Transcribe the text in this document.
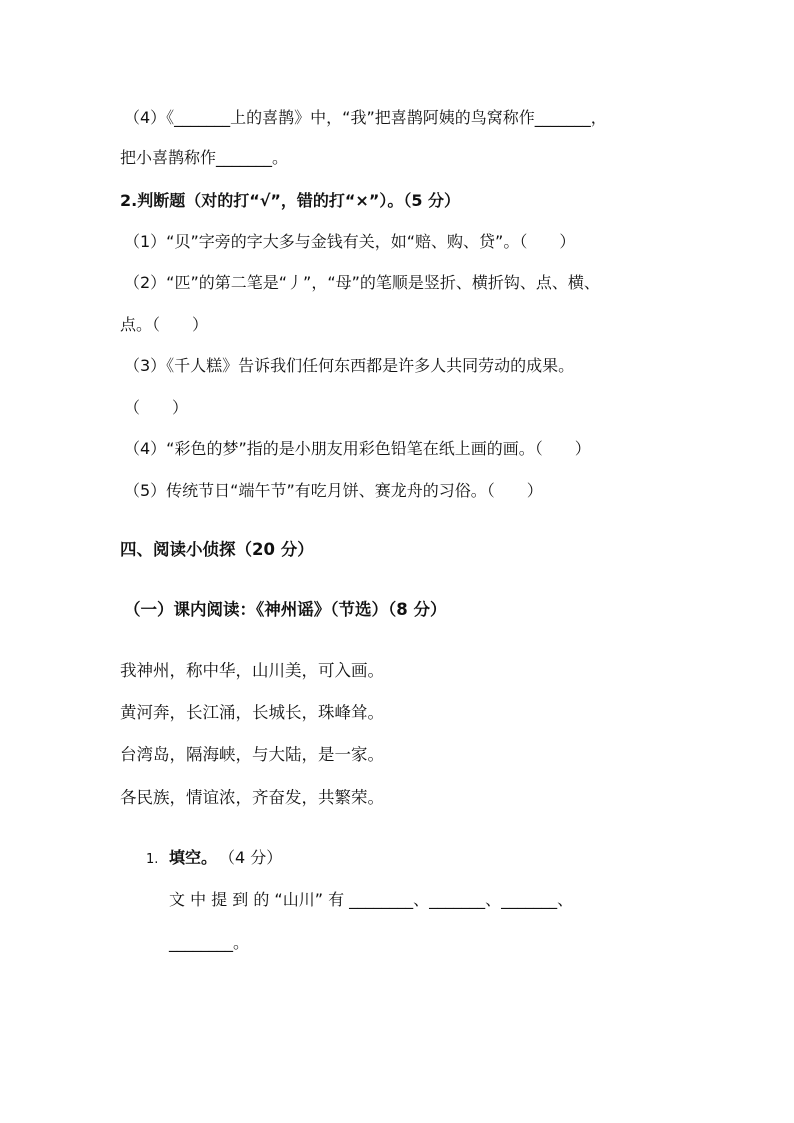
（4）《_______上的喜鹊》中，“我”把喜鹊阿姨的鸟窝称作_______，
把小喜鹊称作_______。
2.判断题（对的打“√”，错的打“×”）。（5 分）
（1）“贝”字旁的字大多与金钱有关，如“赔、购、贷”。（　　）
（2）“匹”的第二笔是“丿”，“母”的笔顺是竖折、横折钩、点、横、
点。（　　）
（3）《千人糕》告诉我们任何东西都是许多人共同劳动的成果。
（　　）
（4）“彩色的梦”指的是小朋友用彩色铅笔在纸上画的画。（　　）
（5）传统节日“端午节”有吃月饼、赛龙舟的习俗。（　　）
四、阅读小侦探（20 分）
（一）课内阅读：《神州谣》（节选）（8 分）
我神州，称中华，山川美，可入画。
黄河奔，长江涌，长城长，珠峰耸。
台湾岛，隔海峡，与大陆，是一家。
各民族，情谊浓，齐奋发，共繁荣。
1. 填空。 （4 分）
文 中 提 到 的 “山川” 有 ________、_______、_______、
________。
